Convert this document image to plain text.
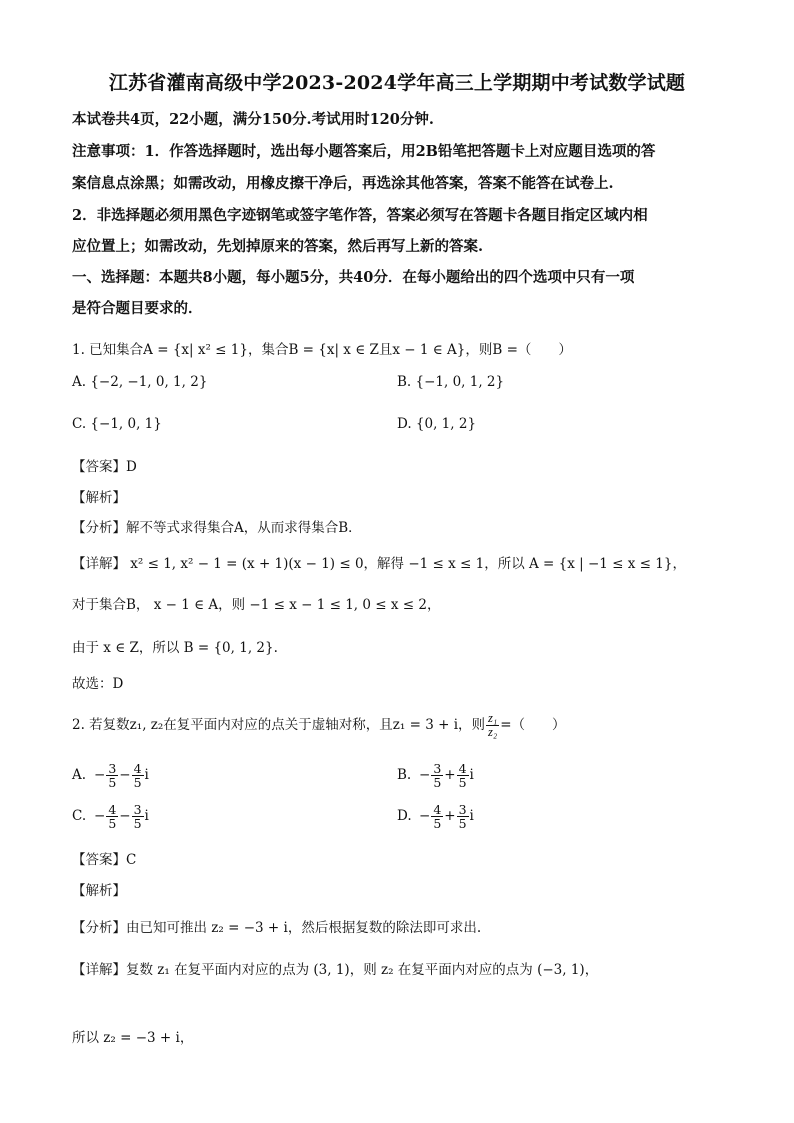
江苏省灌南高级中学2023-2024学年高三上学期期中考试数学试题
本试卷共4页，22小题，满分150分.考试用时120分钟.
注意事项：1．作答选择题时，选出每小题答案后，用2B铅笔把答题卡上对应题目选项的答
案信息点涂黑；如需改动，用橡皮擦干净后，再选涂其他答案，答案不能答在试卷上.
2．非选择题必须用黑色字迹钢笔或签字笔作答，答案必须写在答题卡各题目指定区域内相
应位置上；如需改动，先划掉原来的答案，然后再写上新的答案.
一、选择题：本题共8小题，每小题5分，共40分．在每小题给出的四个选项中只有一项
是符合题目要求的．
1. 已知集合A = {x| x² ≤ 1}，集合B = {x| x ∈ Z且x − 1 ∈ A}，则B =（　　）
A. {−2, −1, 0, 1, 2}	B. {−1, 0, 1, 2}
C. {−1, 0, 1}	D. {0, 1, 2}
【答案】D
【解析】
【分析】解不等式求得集合A，从而求得集合B．
【详解】 x² ≤ 1, x² − 1 = (x + 1)(x − 1) ≤ 0，解得 −1 ≤ x ≤ 1，所以 A = {x | −1 ≤ x ≤ 1}，
对于集合B， x − 1 ∈ A，则 −1 ≤ x − 1 ≤ 1, 0 ≤ x ≤ 2，
由于 x ∈ Z，所以 B = {0, 1, 2}.
故选：D
2. 若复数z₁, z₂在复平面内对应的点关于虚轴对称，且z₁ = 3 + i，则 $\frac{\text{z₁}}{\text{z₂}}$ =（　　）
A. − $\frac{3}{5} - \frac{4}{5}$ i	B. − $\frac{3}{5} + \frac{4}{5}$ i
C. − $\frac{4}{5} - \frac{3}{5}$ i	D. − $\frac{4}{5} + \frac{3}{5}$ i
【答案】C
【解析】
【分析】由已知可推出 z₂ = −3 + i，然后根据复数的除法即可求出.
【详解】复数 z₁ 在复平面内对应的点为 (3, 1)，则 z₂ 在复平面内对应的点为 (−3, 1)，
所以 z₂ = −3 + i，
